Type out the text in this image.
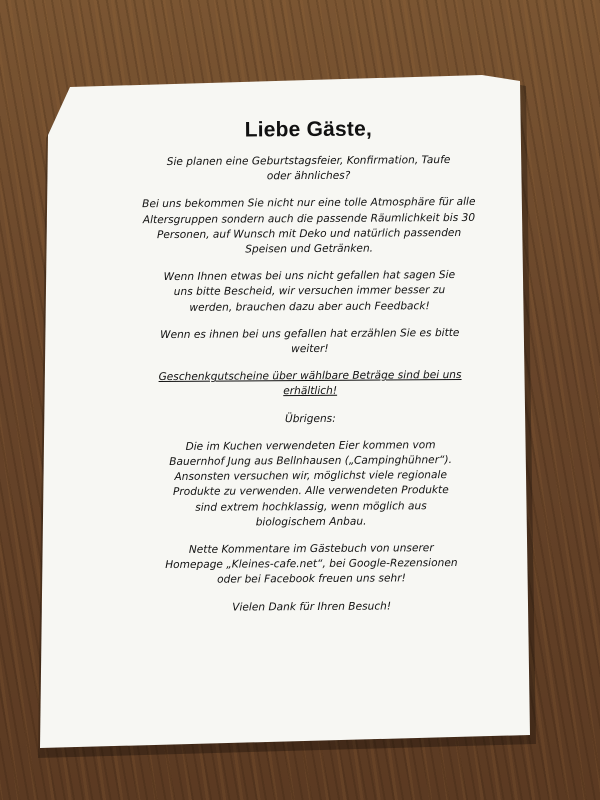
Liebe Gäste,

Sie planen eine Geburtstagsfeier, Konfirmation, Taufe oder ähnliches?

Bei uns bekommen Sie nicht nur eine tolle Atmosphäre für alle Altersgruppen sondern auch die passende Räumlichkeit bis 30 Personen, auf Wunsch mit Deko und natürlich passenden Speisen und Getränken.

Wenn Ihnen etwas bei uns nicht gefallen hat sagen Sie uns bitte Bescheid, wir versuchen immer besser zu werden, brauchen dazu aber auch Feedback!

Wenn es ihnen bei uns gefallen hat erzählen Sie es bitte weiter!

Geschenkgutscheine über wählbare Beträge sind bei uns erhältlich!

Übrigens:

Die im Kuchen verwendeten Eier kommen vom Bauernhof Jung aus Bellnhausen („Campinghühner“). Ansonsten versuchen wir, möglichst viele regionale Produkte zu verwenden. Alle verwendeten Produkte sind extrem hochklassig, wenn möglich aus biologischem Anbau.

Nette Kommentare im Gästebuch von unserer Homepage „Kleines-cafe.net“, bei Google-Rezensionen oder bei Facebook freuen uns sehr!

Vielen Dank für Ihren Besuch!
